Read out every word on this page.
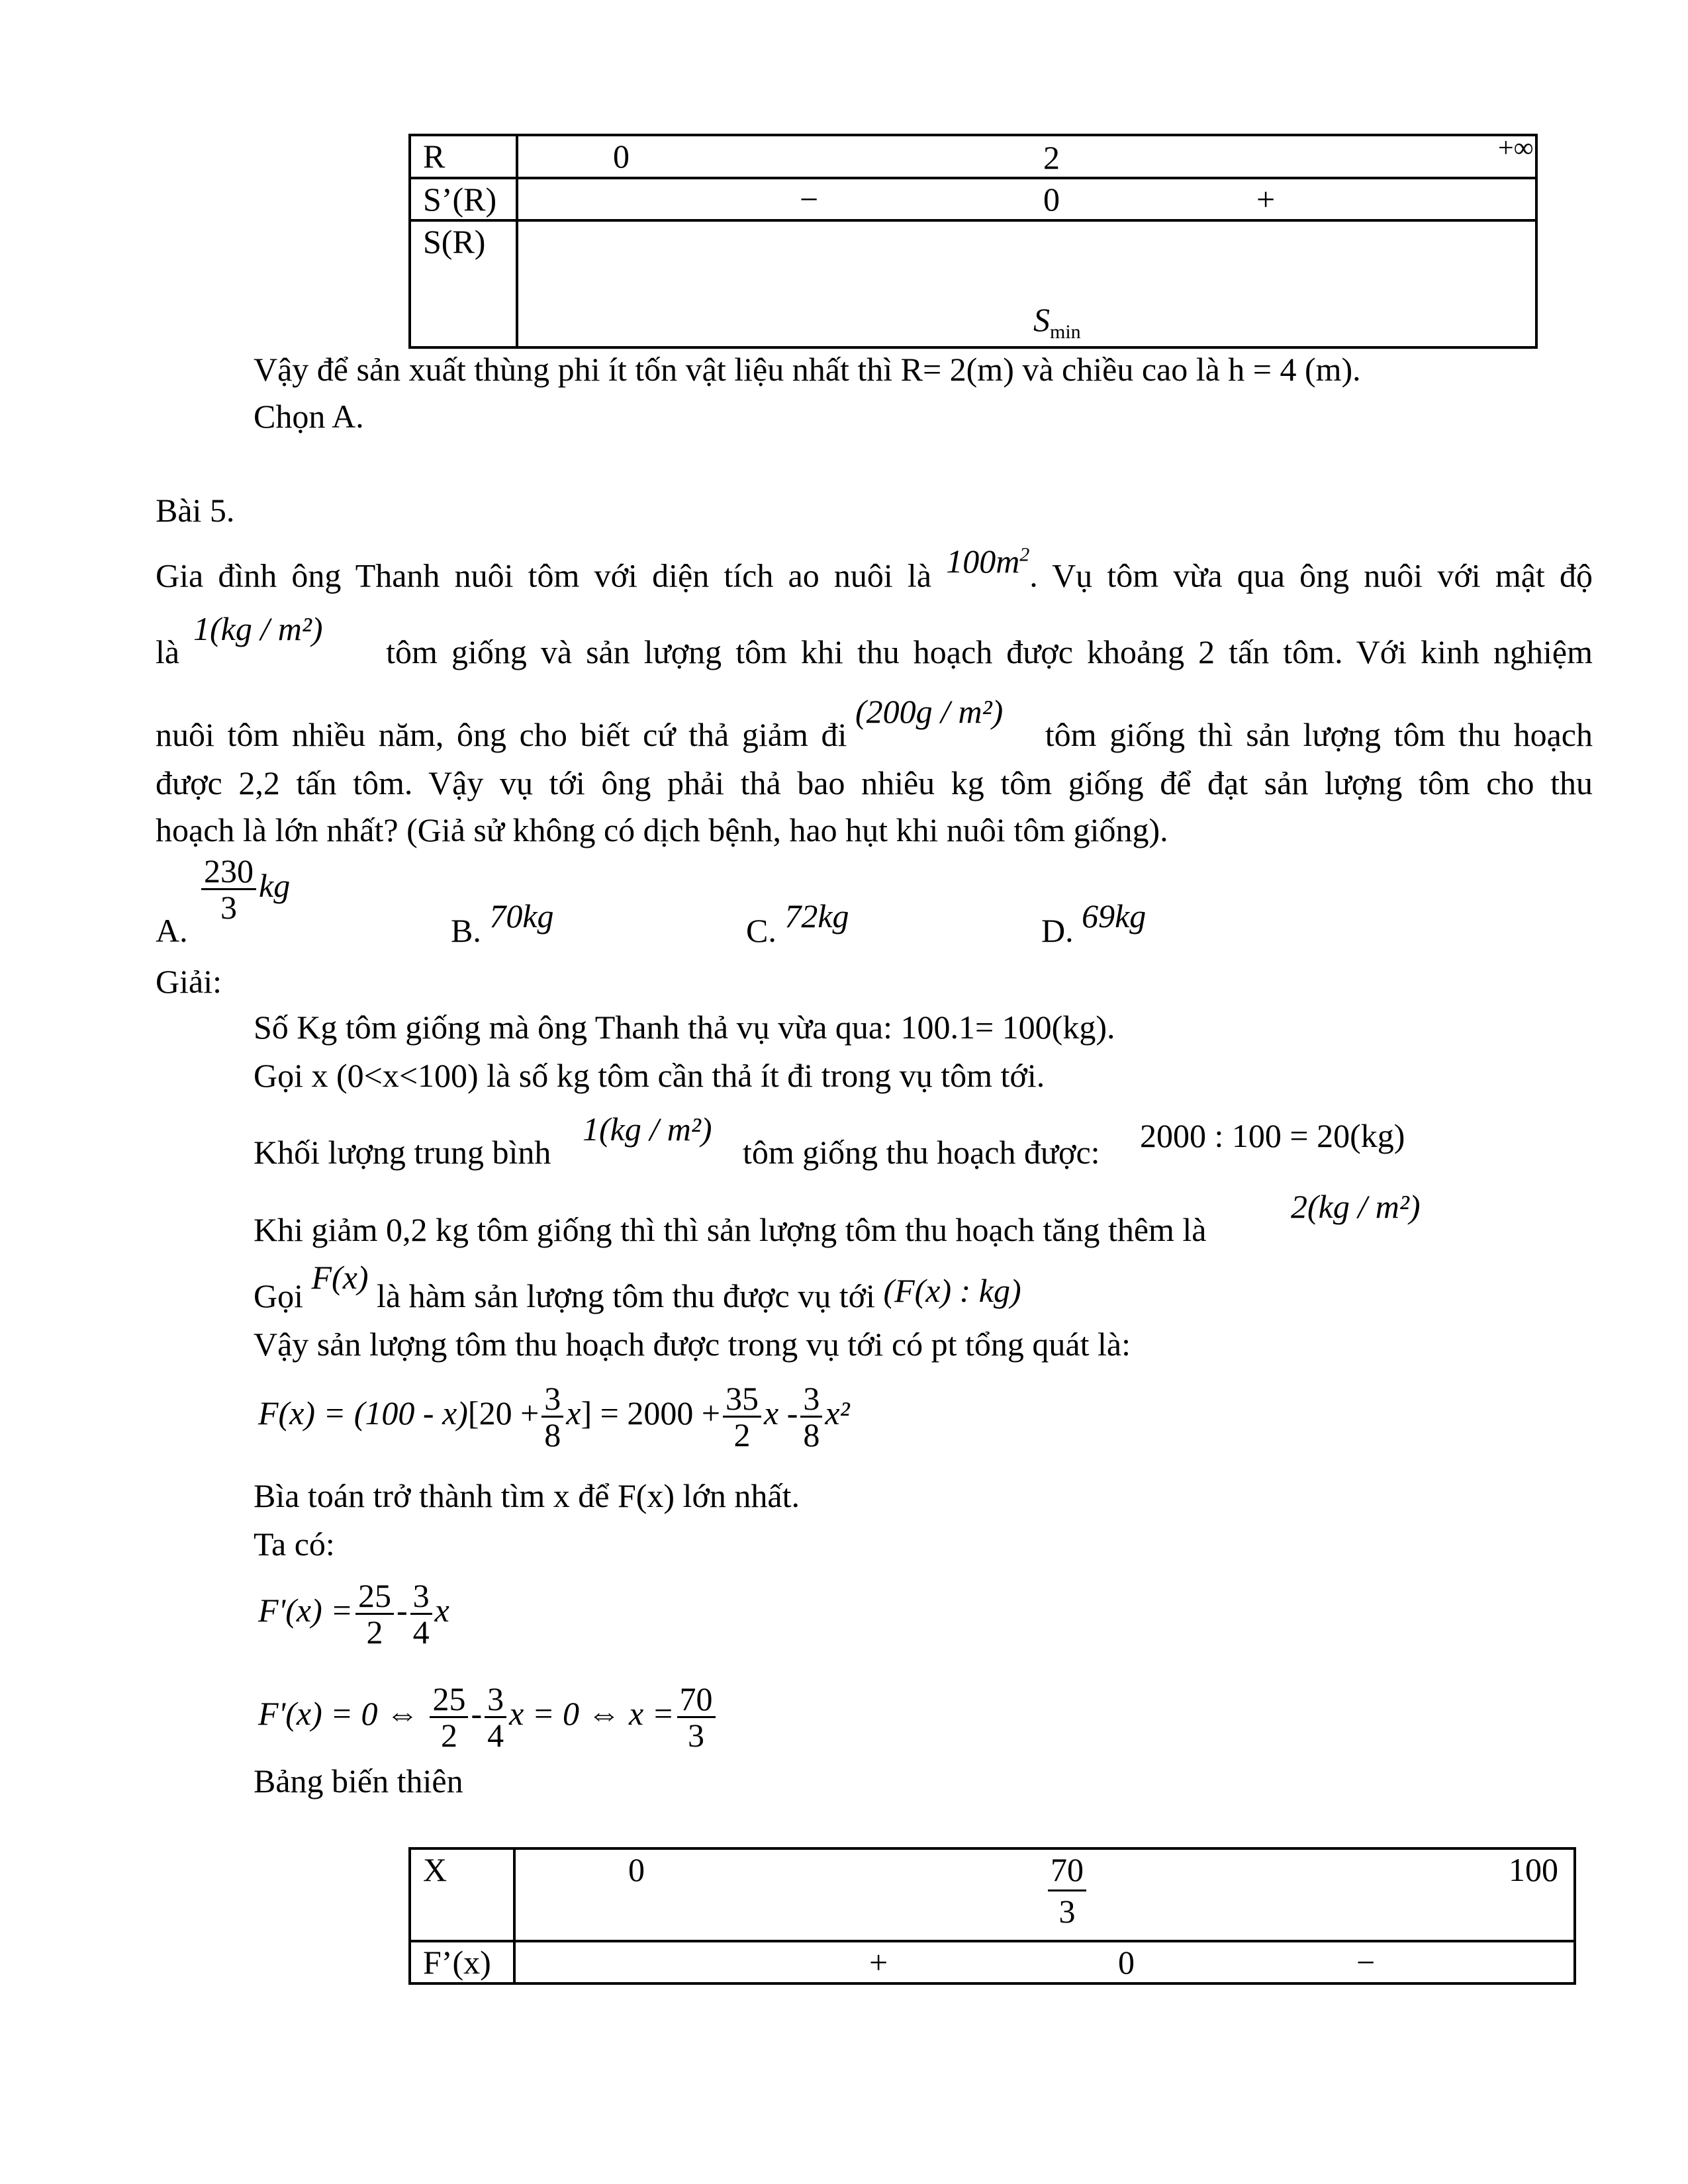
R	0 2 +∞

S’(R)	− 0 +

S(R)	$S_{min}$
Vậy để sản xuất thùng phi ít tốn vật liệu nhất thì R= 2(m) và chiều cao là h = 4 (m).
Chọn A.
Bài 5.
Gia đình ông Thanh nuôi tôm với diện tích ao nuôi là $100m^2$. Vụ tôm vừa qua ông nuôi với mật độ
1(kg / m²)
là	tôm giống và sản lượng tôm khi thu hoạch được khoảng 2 tấn tôm. Với kinh nghiệm
(200g / m²)
nuôi tôm nhiều năm, ông cho biết cứ thả giảm đi	tôm giống thì sản lượng tôm thu hoạch
được 2,2 tấn tôm. Vậy vụ tới ông phải thả bao nhiêu kg tôm giống để đạt sản lượng tôm cho thu
hoạch là lớn nhất? (Giả sử không có dịch bệnh, hao hụt khi nuôi tôm giống).
A.
$\frac{230}{3}$ kg
B. 70kg	C. 72kg	D. 69kg
Giải:
Số Kg tôm giống mà ông Thanh thả vụ vừa qua: 100.1= 100(kg).
Gọi x (0<x<100) là số kg tôm cần thả ít đi trong vụ tôm tới.
Khối lượng trung bình
1(kg / m²)
tôm giống thu hoạch được: 2000 : 100 = 20(kg)
Khi giảm 0,2 kg tôm giống thì thì sản lượng tôm thu hoạch tăng thêm là
2(kg / m²)
Gọi F(x) là hàm sản lượng tôm thu được vụ tới (F(x) : kg)
Vậy sản lượng tôm thu hoạch được trong vụ tới có pt tổng quát là:
$F(x) = (100 - x)[20 + \frac{3}{8} x] = 2000 + \frac{35}{2}$ x - $\frac{3}{8} x^2$
Bìa toán trở thành tìm x để F(x) lớn nhất.
Ta có:
$F'(x) = \frac{25}{2} - \frac{3}{4}$ x
F'(x) = 0 ⇔ $\frac{25}{2} - \frac{3}{4}$ x = 0 ⇔ $x = \frac{70}{3}$
Bảng biến thiên
X	$0 \frac{70}{3} 100$

F’(x)	+ 0 −
